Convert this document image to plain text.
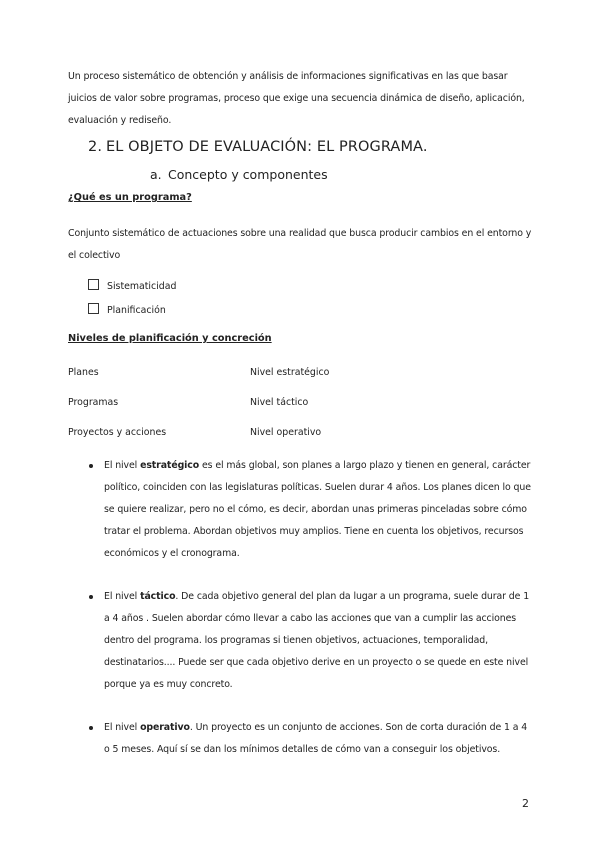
Un proceso sistemático de obtención y análisis de informaciones significativas en las que basar juicios de valor sobre programas, proceso que exige una secuencia dinámica de diseño, aplicación, evaluación y rediseño.
2. EL OBJETO DE EVALUACIÓN: EL PROGRAMA.
a. Concepto y componentes
¿Qué es un programa?
Conjunto sistemático de actuaciones sobre una realidad que busca producir cambios en el entorno y el colectivo
Sistematicidad
Planificación
Niveles de planificación y concreción
Planes	Nivel estratégico
Programas	Nivel táctico
Proyectos y acciones	Nivel operativo
El nivel estratégico es el más global, son planes a largo plazo y tienen en general, carácter político, coinciden con las legislaturas políticas. Suelen durar 4 años. Los planes dicen lo que se quiere realizar, pero no el cómo, es decir, abordan unas primeras pinceladas sobre cómo tratar el problema. Abordan objetivos muy amplios. Tiene en cuenta los objetivos, recursos económicos y el cronograma.
El nivel táctico. De cada objetivo general del plan da lugar a un programa, suele durar de 1 a 4 años . Suelen abordar cómo llevar a cabo las acciones que van a cumplir las acciones dentro del programa. los programas si tienen objetivos, actuaciones, temporalidad, destinatarios.... Puede ser que cada objetivo derive en un proyecto o se quede en este nivel porque ya es muy concreto.
El nivel operativo. Un proyecto es un conjunto de acciones. Son de corta duración de 1 a 4 o 5 meses. Aquí sí se dan los mínimos detalles de cómo van a conseguir los objetivos.
2
